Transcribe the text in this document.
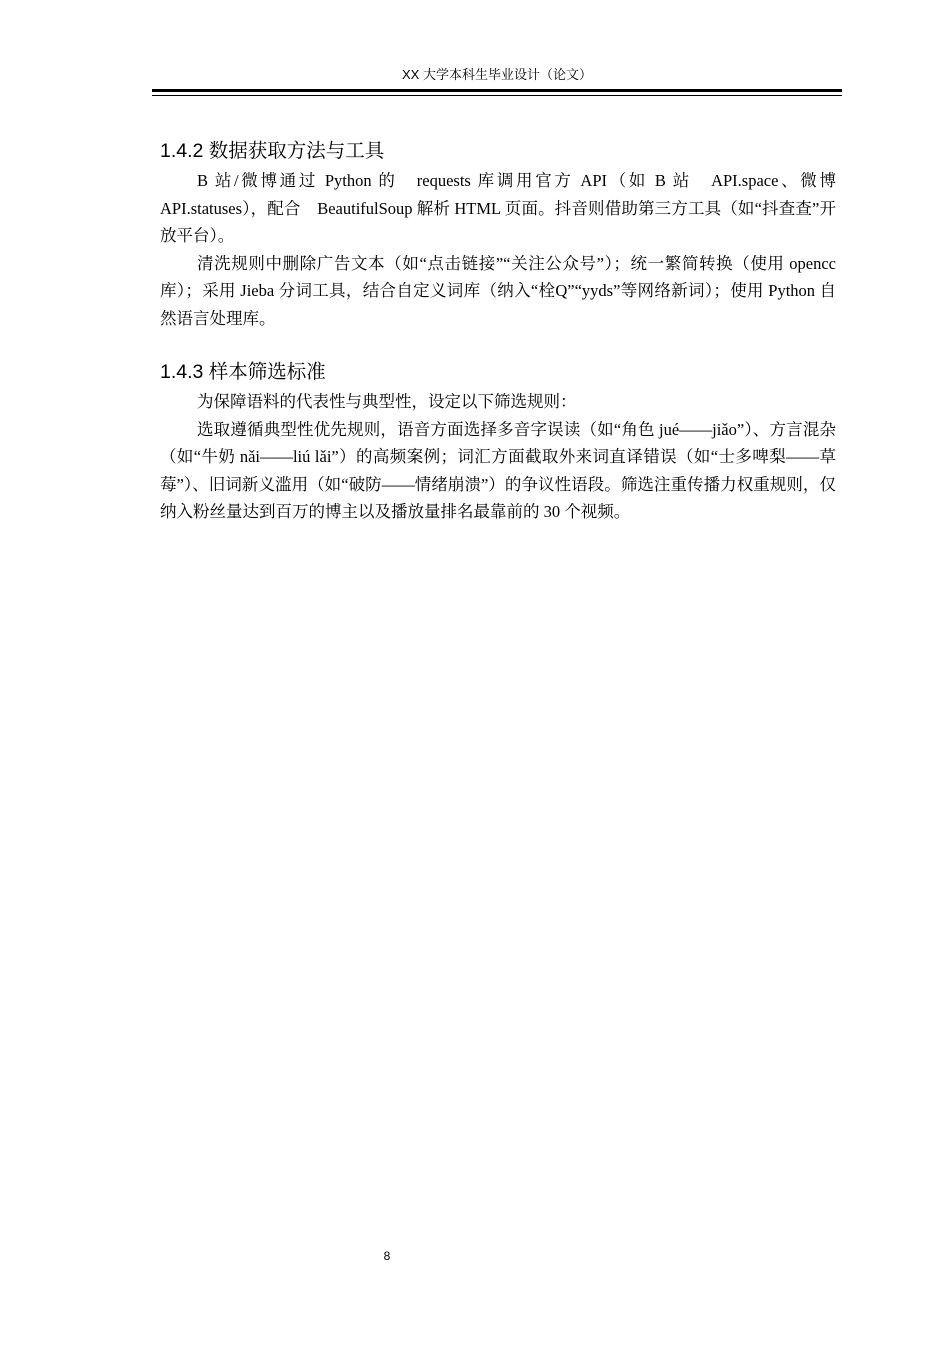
XX 大学本科生毕业设计（论文）
1.4.2 数据获取方法与工具

B 站/微博通过 Python 的　requests 库调用官方 API（如 B 站　API.space、微博　API.statuses），配合　BeautifulSoup 解析 HTML 页面。抖音则借助第三方工具（如“抖查查”开放平台）。

清洗规则中删除广告文本（如“点击链接”“关注公众号”）；统一繁简转换（使用 opencc 库）；采用 Jieba 分词工具，结合自定义词库（纳入“栓Q”“yyds”等网络新词）；使用 Python 自然语言处理库。

1.4.3 样本筛选标准

为保障语料的代表性与典型性，设定以下筛选规则：

选取遵循典型性优先规则，语音方面选择多音字误读（如“角色 jué——jiǎo”）、方言混杂（如“牛奶 nǎi——liú lǎi”）的高频案例；词汇方面截取外来词直译错误（如“士多啤梨——草莓”）、旧词新义滥用（如“破防——情绪崩溃”）的争议性语段。筛选注重传播力权重规则，仅纳入粉丝量达到百万的博主以及播放量排名最靠前的 30 个视频。

8
